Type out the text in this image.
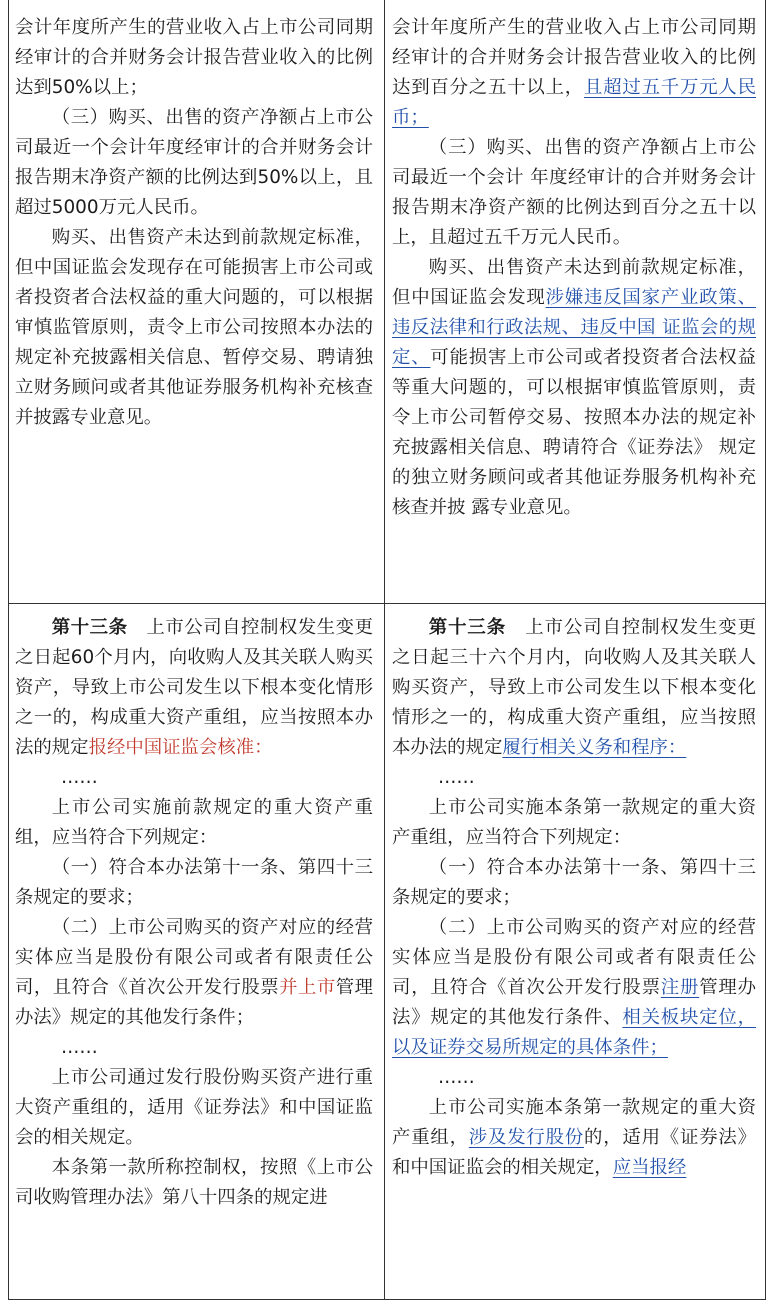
会计年度所产生的营业收入占上市公司同期经审计的合并财务会计报告营业收入的比例达到50%以上；

（三）购买、出售的资产净额占上市公司最近一个会计年度经审计的合并财务会计报告期末净资产额的比例达到50%以上，且超过5000万元人民币。

购买、出售资产未达到前款规定标准，但中国证监会发现存在可能损害上市公司或者投资者合法权益的重大问题的，可以根据审慎监管原则，责令上市公司按照本办法的规定补充披露相关信息、暂停交易、聘请独立财务顾问或者其他证券服务机构补充核查并披露专业意见。

会计年度所产生的营业收入占上市公司同期经审计的合并财务会计报告营业收入的比例达到百分之五十以上，且超过五千万元人民币；

（三）购买、出售的资产净额占上市公司最近一个会计 年度经审计的合并财务会计报告期末净资产额的比例达到百分之五十以上，且超过五千万元人民币。

购买、出售资产未达到前款规定标准，但中国证监会发现涉嫌违反国家产业政策、违反法律和行政法规、违反中国 证监会的规定、可能损害上市公司或者投资者合法权益等重大问题的，可以根据审慎监管原则，责令上市公司暂停交易、按照本办法的规定补充披露相关信息、聘请符合《证券法》 规定的独立财务顾问或者其他证券服务机构补充核查并披 露专业意见。

第十三条  上市公司自控制权发生变更之日起60个月内，向收购人及其关联人购买资产，导致上市公司发生以下根本变化情形之一的，构成重大资产重组，应当按照本办法的规定报经中国证监会核准：

……

上市公司实施前款规定的重大资产重组，应当符合下列规定：

（一）符合本办法第十一条、第四十三条规定的要求；

（二）上市公司购买的资产对应的经营实体应当是股份有限公司或者有限责任公司，且符合《首次公开发行股票并上市管理办法》规定的其他发行条件；

……

上市公司通过发行股份购买资产进行重大资产重组的，适用《证券法》和中国证监会的相关规定。

本条第一款所称控制权，按照《上市公司收购管理办法》第八十四条的规定进

第十三条  上市公司自控制权发生变更之日起三十六个月内，向收购人及其关联人购买资产，导致上市公司发生以下根本变化情形之一的，构成重大资产重组，应当按照本办法的规定履行相关义务和程序：

……

上市公司实施本条第一款规定的重大资产重组，应当符合下列规定：

（一）符合本办法第十一条、第四十三条规定的要求；

（二）上市公司购买的资产对应的经营实体应当是股份有限公司或者有限责任公司，且符合《首次公开发行股票注册管理办法》规定的其他发行条件、相关板块定位，以及证券交易所规定的具体条件；

……

上市公司实施本条第一款规定的重大资产重组，涉及发行股份的，适用《证券法》和中国证监会的相关规定，应当报经
